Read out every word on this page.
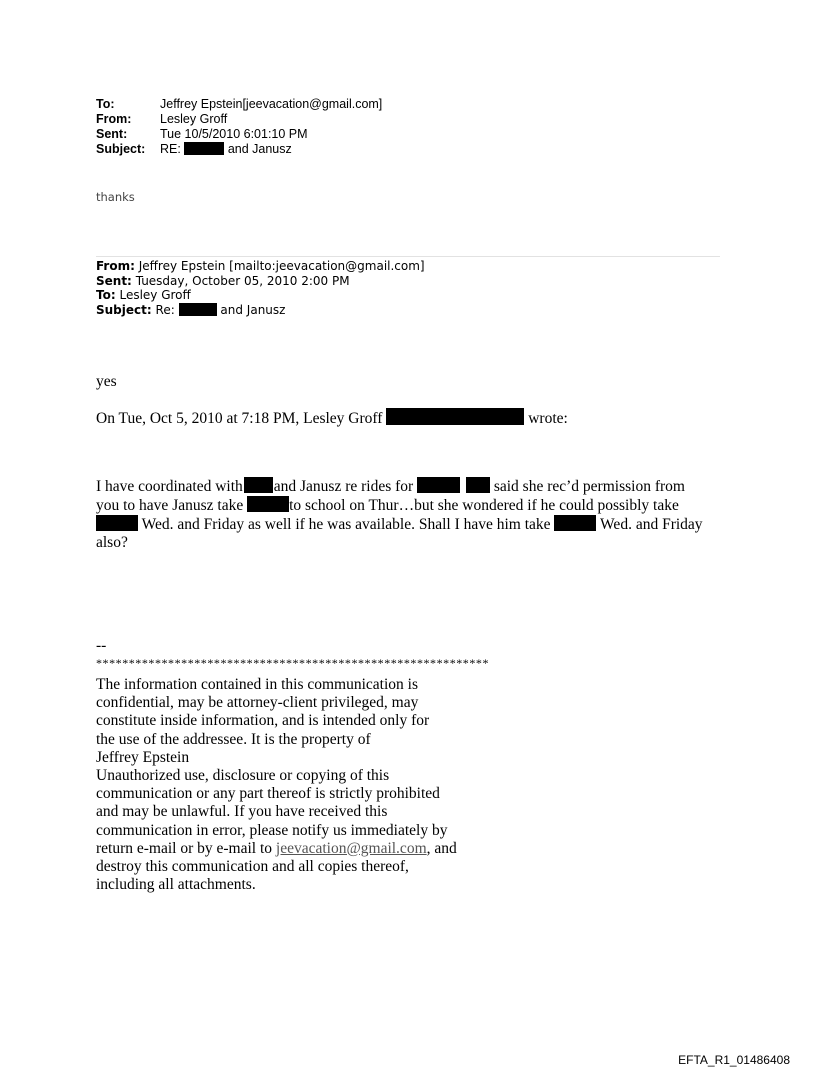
To:	Jeffrey Epstein[jeevacation@gmail.com]
From: Lesley Groff
Sent:	Tue 10/5/2010 6:01:10 PM
Subject: RE:	and Janusz
thanks
From: Jeffrey Epstein [mailto:jeevacation@gmail.com]
Sent: Tuesday, October 05, 2010 2:00 PM
To: Lesley Groff
Subject: Re:	and Janusz
yes
On Tue, Oct 5, 2010 at 7:18 PM, Lesley Groff	wrote:
I have coordinated with and Janusz re rides for	said she rec’d permission from
you to have Janusz take	to school on Thur…but she wondered if he could possibly take
Wed. and Friday as well if he was available. Shall I have him take	Wed. and Friday
also?
--
************************************************************
The information contained in this communication is
confidential, may be attorney-client privileged, may
constitute inside information, and is intended only for
the use of the addressee. It is the property of
Jeffrey Epstein
Unauthorized use, disclosure or copying of this
communication or any part thereof is strictly prohibited
and may be unlawful. If you have received this
communication in error, please notify us immediately by
return e-mail or by e-mail to jeevacation@gmail.com, and
destroy this communication and all copies thereof,
including all attachments.
EFTA_R1_01486408
